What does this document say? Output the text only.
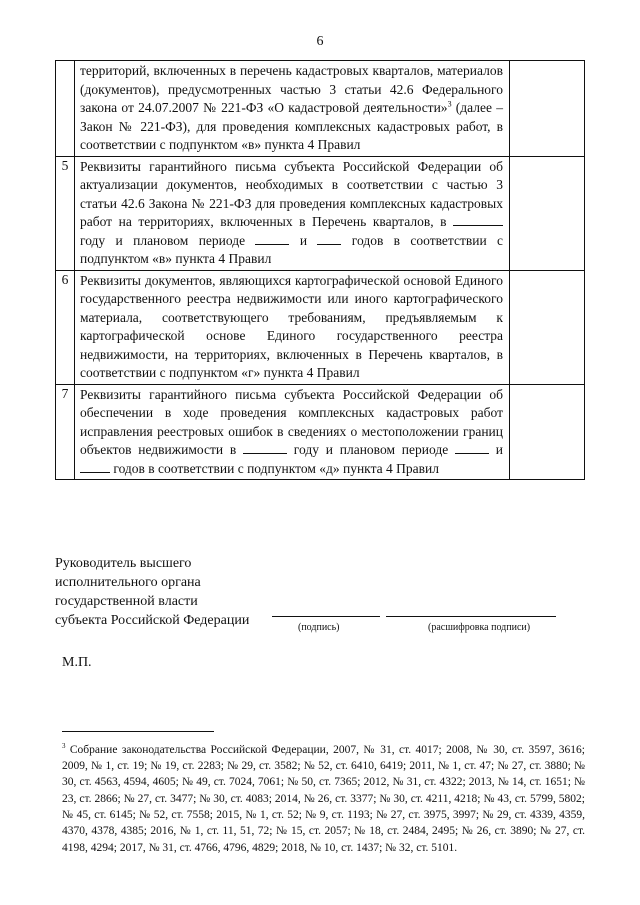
6

	территорий, включенных в перечень кадастровых кварталов, материалов (документов), предусмотренных частью 3 статьи 42.6 Федерального закона от 24.07.2007 № 221-ФЗ «О кадастровой деятельности»$^3$ (далее – Закон № 221-ФЗ), для проведения комплексных кадастровых работ, в соответствии с подпунктом «в» пункта 4 Правил	

5	Реквизиты гарантийного письма субъекта Российской Федерации об актуализации документов, необходимых в соответствии с частью 3 статьи 42.6 Закона № 221-ФЗ для проведения комплексных кадастровых работ на территориях, включенных в Перечень кварталов, в  году и плановом периоде и годов в соответствии с подпунктом «в» пункта 4 Правил	

6	Реквизиты документов, являющихся картографической основой Единого государственного реестра недвижимости или иного картографического материала, соответствующего требованиям, предъявляемым к картографической основе Единого государственного реестра недвижимости, на территориях, включенных в Перечень кварталов, в соответствии с подпунктом «г» пункта 4 Правил	

7	Реквизиты гарантийного письма субъекта Российской Федерации об обеспечении в ходе проведения комплексных кадастровых работ исправления реестровых ошибок в сведениях о местоположении границ объектов недвижимости в году и плановом периоде и  годов в соответствии с подпунктом «д» пункта 4 Правил	

Руководитель высшего
исполнительного органа
государственной власти
субъекта Российской Федерации	(подпись)	(расшифровка подписи)
М.П.
$^3$ Собрание законодательства Российской Федерации, 2007, № 31, ст. 4017; 2008, № 30, ст. 3597, 3616; 2009, № 1, ст. 19; № 19, ст. 2283; № 29, ст. 3582; № 52, ст. 6410, 6419; 2011, № 1, ст. 47; № 27, ст. 3880; № 30, ст. 4563, 4594, 4605; № 49, ст. 7024, 7061; № 50, ст. 7365; 2012, № 31, ст. 4322; 2013, № 14, ст. 1651; № 23, ст. 2866; № 27, ст. 3477; № 30, ст. 4083; 2014, № 26, ст. 3377; № 30, ст. 4211, 4218; № 43, ст. 5799, 5802; № 45, ст. 6145; № 52, ст. 7558; 2015, № 1, ст. 52; № 9, ст. 1193; № 27, ст. 3975, 3997; № 29, ст. 4339, 4359, 4370, 4378, 4385; 2016, № 1, ст. 11, 51, 72; № 15, ст. 2057; № 18, ст. 2484, 2495; № 26, ст. 3890; № 27, ст. 4198, 4294; 2017, № 31, ст. 4766, 4796, 4829; 2018, № 10, ст. 1437; № 32, ст. 5101.
